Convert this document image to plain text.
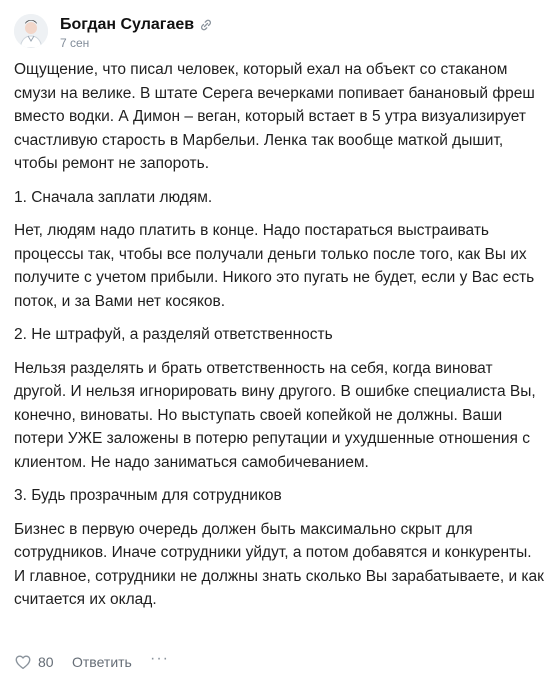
Богдан Сулагаев
7 сен

Ощущение, что писал человек, который ехал на объект со стаканом смузи на велике. В штате Серега вечерками попивает банановый фреш вместо водки. А Димон – веган, который встает в 5 утра визуализирует счастливую старость в Марбельи. Ленка так вообще маткой дышит, чтобы ремонт не запороть.

1. Сначала заплати людям.

Нет, людям надо платить в конце. Надо постараться выстраивать процессы так, чтобы все получали деньги только после того, как Вы их получите с учетом прибыли. Никого это пугать не будет, если у Вас есть поток, и за Вами нет косяков.

2. Не штрафуй, а разделяй ответственность

Нельзя разделять и брать ответственность на себя, когда виноват другой. И нельзя игнорировать вину другого. В ошибке специалиста Вы, конечно, виноваты. Но выступать своей копейкой не должны. Ваши потери УЖЕ заложены в потерю репутации и ухудшенные отношения с клиентом. Не надо заниматься самобичеванием.

3. Будь прозрачным для сотрудников

Бизнес в первую очередь должен быть максимально скрыт для сотрудников. Иначе сотрудники уйдут, а потом добавятся и конкуренты.
И главное, сотрудники не должны знать сколько Вы зарабатываете, и как считается их оклад.

80 Ответить ···
